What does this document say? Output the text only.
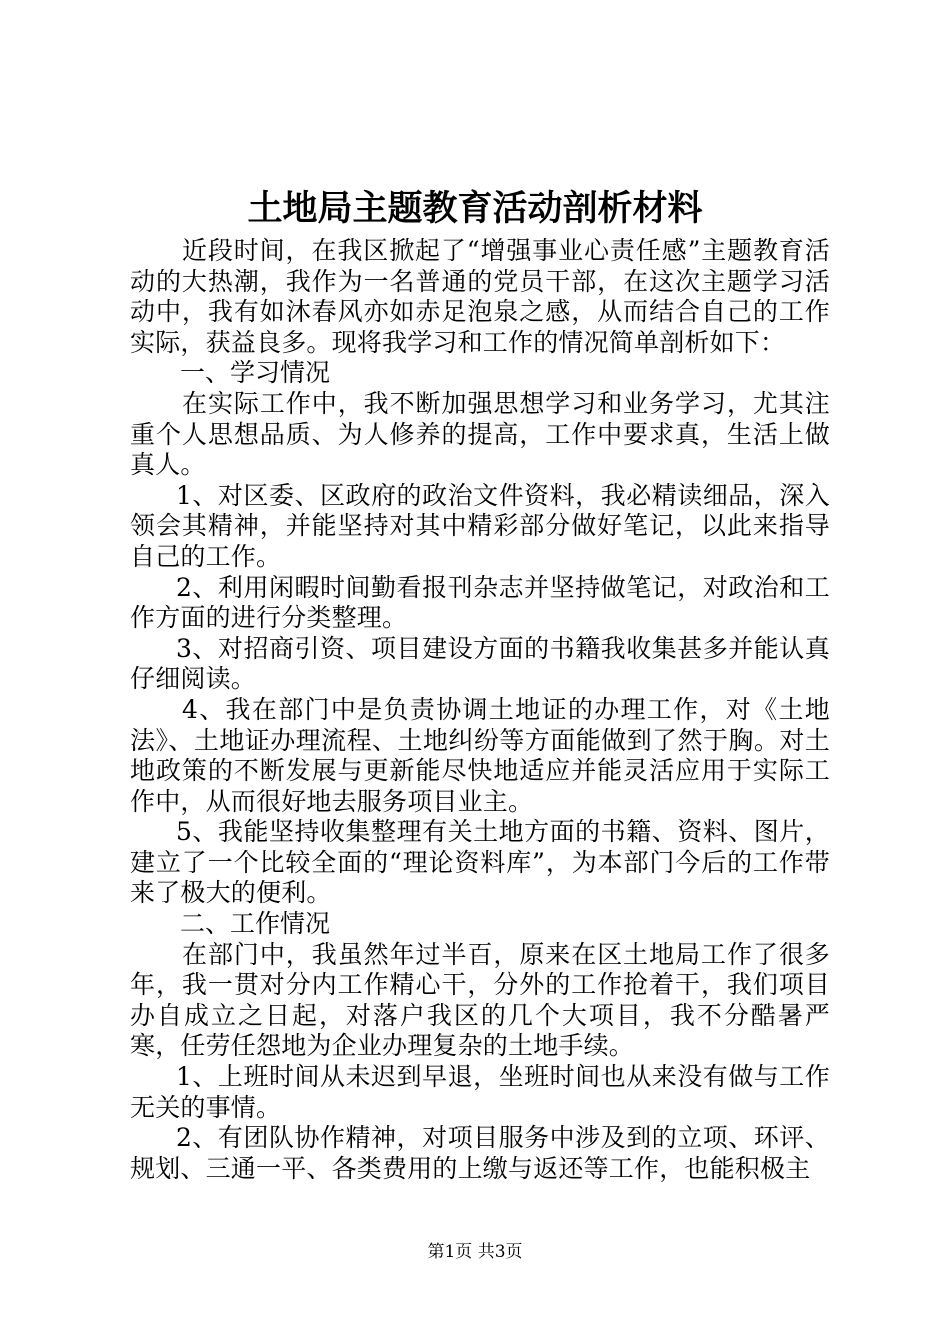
土地局主题教育活动剖析材料

近段时间，在我区掀起了“增强事业心责任感”主题教育活动的大热潮，我作为一名普通的党员干部，在这次主题学习活动中，我有如沐春风亦如赤足泡泉之感，从而结合自己的工作实际，获益良多。现将我学习和工作的情况简单剖析如下：

一、学习情况

在实际工作中，我不断加强思想学习和业务学习，尤其注重个人思想品质、为人修养的提高，工作中要求真，生活上做真人。

1、对区委、区政府的政治文件资料，我必精读细品，深入领会其精神，并能坚持对其中精彩部分做好笔记，以此来指导自己的工作。

2、利用闲暇时间勤看报刊杂志并坚持做笔记，对政治和工作方面的进行分类整理。

3、对招商引资、项目建设方面的书籍我收集甚多并能认真仔细阅读。

4、我在部门中是负责协调土地证的办理工作，对《土地法》、土地证办理流程、土地纠纷等方面能做到了然于胸。对土地政策的不断发展与更新能尽快地适应并能灵活应用于实际工作中，从而很好地去服务项目业主。

5、我能坚持收集整理有关土地方面的书籍、资料、图片，建立了一个比较全面的“理论资料库”，为本部门今后的工作带来了极大的便利。

二、工作情况

在部门中，我虽然年过半百，原来在区土地局工作了很多年，我一贯对分内工作精心干，分外的工作抢着干，我们项目办自成立之日起，对落户我区的几个大项目，我不分酷暑严寒，任劳任怨地为企业办理复杂的土地手续。

1、上班时间从未迟到早退，坐班时间也从来没有做与工作无关的事情。

2、有团队协作精神，对项目服务中涉及到的立项、环评、规划、三通一平、各类费用的上缴与返还等工作，也能积极主

第1页 共3页
